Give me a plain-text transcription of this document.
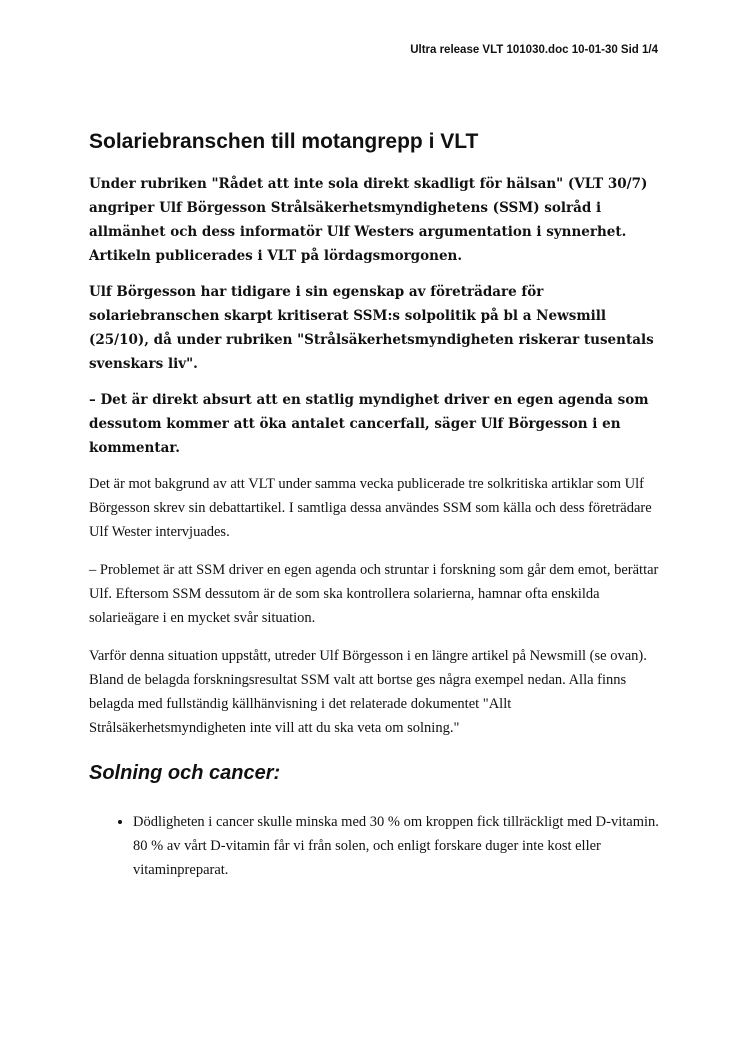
Ultra release VLT 101030.doc 10-01-30 Sid 1/4
Solariebranschen till motangrepp i VLT

Under rubriken "Rådet att inte sola direkt skadligt för hälsan" (VLT 30/7) angriper Ulf Börgesson Strålsäkerhetsmyndighetens (SSM) solråd i allmänhet och dess informatör Ulf Westers argumentation i synnerhet. Artikeln publicerades i VLT på lördagsmorgonen.

Ulf Börgesson har tidigare i sin egenskap av företrädare för solariebranschen skarpt kritiserat SSM:s solpolitik på bl a Newsmill (25/10), då under rubriken "Strålsäkerhetsmyndigheten riskerar tusentals svenskars liv".

– Det är direkt absurt att en statlig myndighet driver en egen agenda som dessutom kommer att öka antalet cancerfall, säger Ulf Börgesson i en kommentar.

Det är mot bakgrund av att VLT under samma vecka publicerade tre solkritiska artiklar som Ulf Börgesson skrev sin debattartikel. I samtliga dessa användes SSM som källa och dess företrädare Ulf Wester intervjuades.

– Problemet är att SSM driver en egen agenda och struntar i forskning som går dem emot, berättar Ulf. Eftersom SSM dessutom är de som ska kontrollera solarierna, hamnar ofta enskilda solarieägare i en mycket svår situation.

Varför denna situation uppstått, utreder Ulf Börgesson i en längre artikel på Newsmill (se ovan). Bland de belagda forskningsresultat SSM valt att bortse ges några exempel nedan. Alla finns belagda med fullständig källhänvisning i det relaterade dokumentet "Allt Strålsäkerhetsmyndigheten inte vill att du ska veta om solning."

Solning och cancer:
• Dödligheten i cancer skulle minska med 30 % om kroppen fick tillräckligt med D-vitamin. 80 % av vårt D-vitamin får vi från solen, och enligt forskare duger inte kost eller vitaminpreparat.
